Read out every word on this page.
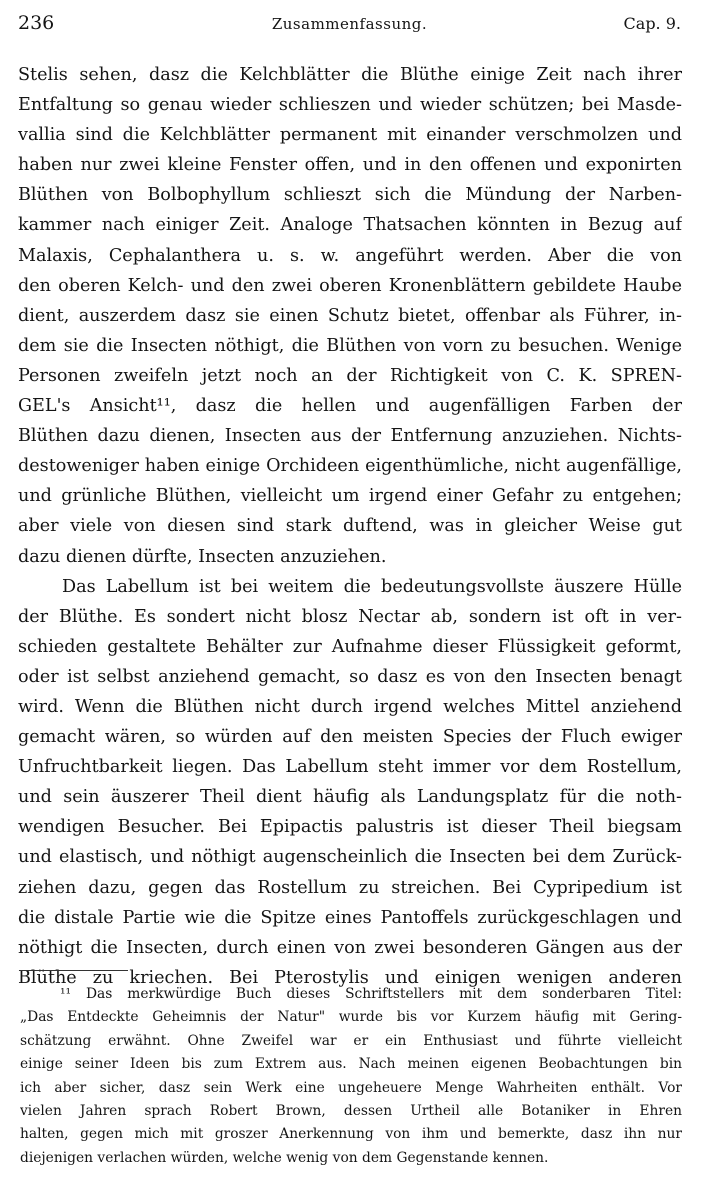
236	Zusammenfassung.	Cap. 9.
Stelis sehen, dasz die Kelchblätter die Blüthe einige Zeit nach ihrer
Entfaltung so genau wieder schlieszen und wieder schützen; bei Masde-
vallia sind die Kelchblätter permanent mit einander verschmolzen und
haben nur zwei kleine Fenster offen, und in den offenen und exponirten
Blüthen von Bolbophyllum schlieszt sich die Mündung der Narben-
kammer nach einiger Zeit. Analoge Thatsachen könnten in Bezug auf
Malaxis, Cephalanthera u. s. w. angeführt werden. Aber die von
den oberen Kelch- und den zwei oberen Kronenblättern gebildete Haube
dient, auszerdem dasz sie einen Schutz bietet, offenbar als Führer, in-
dem sie die Insecten nöthigt, die Blüthen von vorn zu besuchen. Wenige
Personen zweifeln jetzt noch an der Richtigkeit von C. K. SPREN-
GEL's Ansicht¹¹, dasz die hellen und augenfälligen Farben der
Blüthen dazu dienen, Insecten aus der Entfernung anzuziehen. Nichts-
destoweniger haben einige Orchideen eigenthümliche, nicht augenfällige,
und grünliche Blüthen, vielleicht um irgend einer Gefahr zu entgehen;
aber viele von diesen sind stark duftend, was in gleicher Weise gut
dazu dienen dürfte, Insecten anzuziehen.
Das Labellum ist bei weitem die bedeutungsvollste äuszere Hülle
der Blüthe. Es sondert nicht blosz Nectar ab, sondern ist oft in ver-
schieden gestaltete Behälter zur Aufnahme dieser Flüssigkeit geformt,
oder ist selbst anziehend gemacht, so dasz es von den Insecten benagt
wird. Wenn die Blüthen nicht durch irgend welches Mittel anziehend
gemacht wären, so würden auf den meisten Species der Fluch ewiger
Unfruchtbarkeit liegen. Das Labellum steht immer vor dem Rostellum,
und sein äuszerer Theil dient häufig als Landungsplatz für die noth-
wendigen Besucher. Bei Epipactis palustris ist dieser Theil biegsam
und elastisch, und nöthigt augenscheinlich die Insecten bei dem Zurück-
ziehen dazu, gegen das Rostellum zu streichen. Bei Cypripedium ist
die distale Partie wie die Spitze eines Pantoffels zurückgeschlagen und
nöthigt die Insecten, durch einen von zwei besonderen Gängen aus der
Blüthe zu kriechen. Bei Pterostylis und einigen wenigen anderen
¹¹ Das merkwürdige Buch dieses Schriftstellers mit dem sonderbaren Titel:
„Das Entdeckte Geheimnis der Natur" wurde bis vor Kurzem häufig mit Gering-
schätzung erwähnt. Ohne Zweifel war er ein Enthusiast und führte vielleicht
einige seiner Ideen bis zum Extrem aus. Nach meinen eigenen Beobachtungen bin
ich aber sicher, dasz sein Werk eine ungeheuere Menge Wahrheiten enthält. Vor
vielen Jahren sprach Robert Brown, dessen Urtheil alle Botaniker in Ehren
halten, gegen mich mit groszer Anerkennung von ihm und bemerkte, dasz ihn nur
diejenigen verlachen würden, welche wenig von dem Gegenstande kennen.
